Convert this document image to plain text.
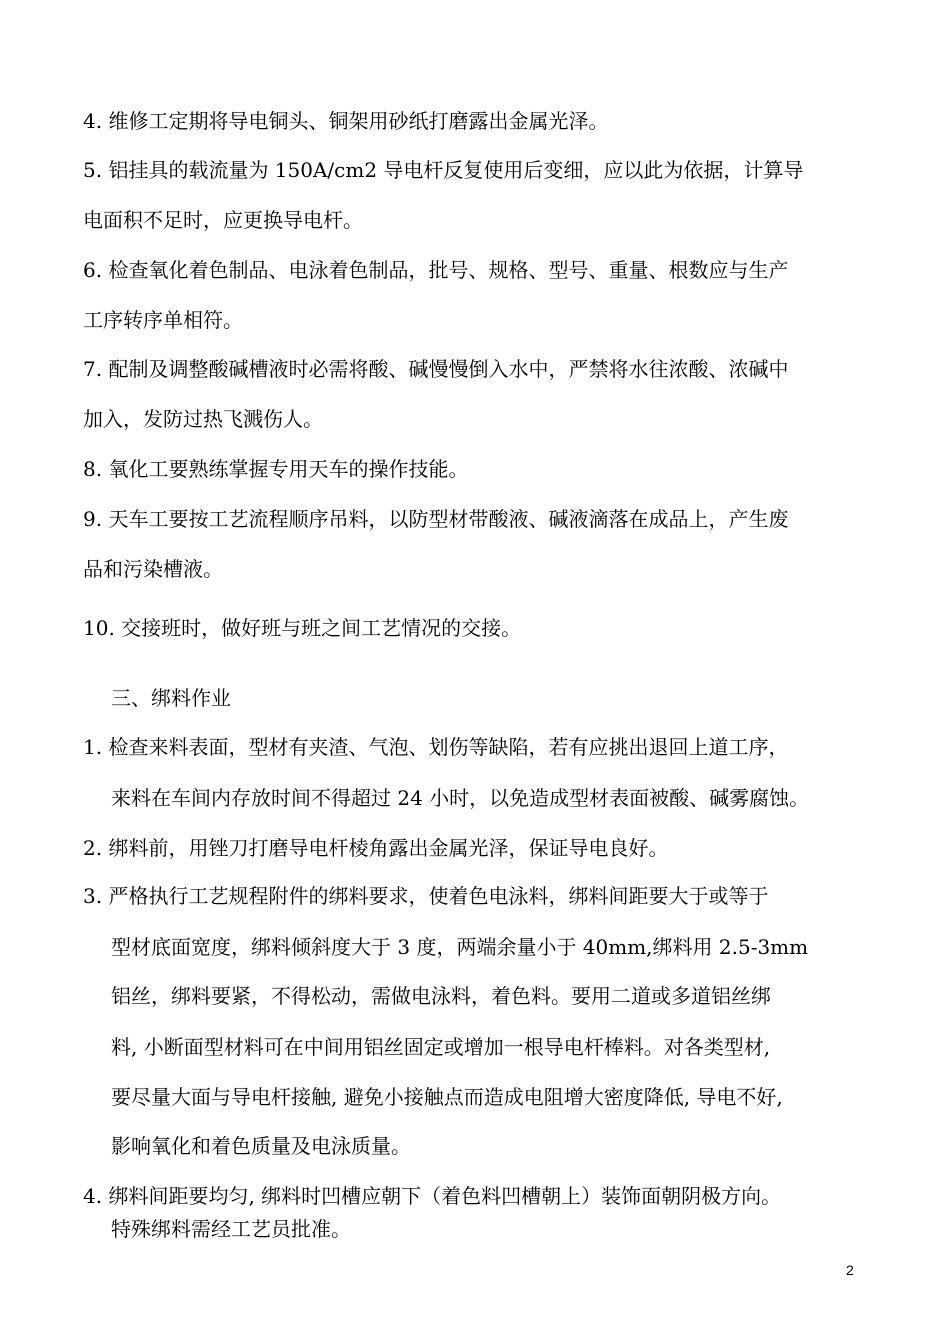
4. 维修工定期将导电铜头、铜架用砂纸打磨露出金属光泽。
5. 铝挂具的载流量为 150A/cm2 导电杆反复使用后变细，应以此为依据，计算导
电面积不足时，应更换导电杆。
6. 检查氧化着色制品、电泳着色制品，批号、规格、型号、重量、根数应与生产
工序转序单相符。
7. 配制及调整酸碱槽液时必需将酸、碱慢慢倒入水中，严禁将水往浓酸、浓碱中
加入，发防过热飞溅伤人。
8. 氧化工要熟练掌握专用天车的操作技能。
9. 天车工要按工艺流程顺序吊料，以防型材带酸液、碱液滴落在成品上，产生废
品和污染槽液。
10. 交接班时，做好班与班之间工艺情况的交接。
三、绑料作业
1. 检查来料表面，型材有夹渣、气泡、划伤等缺陷，若有应挑出退回上道工序，
来料在车间内存放时间不得超过 24 小时，以免造成型材表面被酸、碱雾腐蚀。
2. 绑料前，用锉刀打磨导电杆棱角露出金属光泽，保证导电良好。
3. 严格执行工艺规程附件的绑料要求，使着色电泳料，绑料间距要大于或等于
型材底面宽度，绑料倾斜度大于 3 度，两端余量小于 40mm,绑料用 2.5-3mm
铝丝，绑料要紧，不得松动，需做电泳料，着色料。要用二道或多道铝丝绑
料, 小断面型材料可在中间用铝丝固定或增加一根导电杆棒料。对各类型材,
要尽量大面与导电杆接触, 避免小接触点而造成电阻增大密度降低, 导电不好,
影响氧化和着色质量及电泳质量。
4. 绑料间距要均匀, 绑料时凹槽应朝下（着色料凹槽朝上）装饰面朝阴极方向。
特殊绑料需经工艺员批准。
2
